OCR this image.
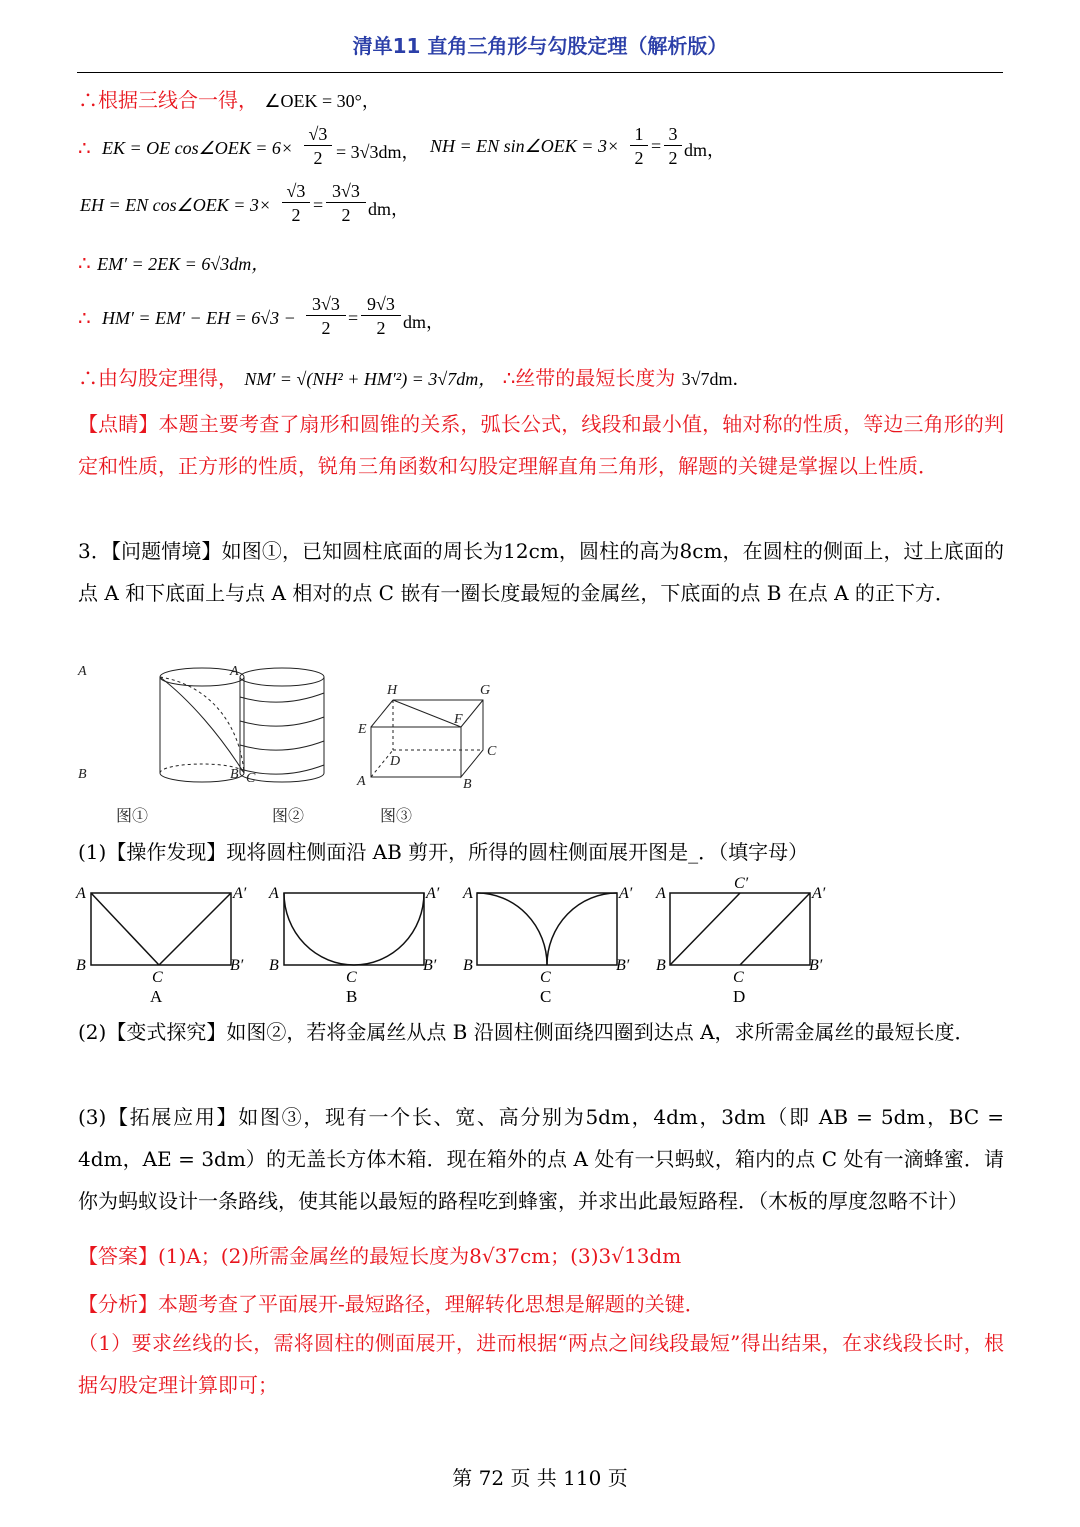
清单11 直角三角形与勾股定理（解析版）
∴根据三线合一得， ∠OEK = 30°，
∴ EK = OE cos∠OEK = 6×
√3
2 = 3√3dm， NH = EN sin∠OEK = 3×
1
2
=
3
2 dm，
EH = EN cos∠OEK = 3×
√3
2 =
3√3
2 dm，
∴ EM′ = 2EK = 6√3dm，
∴ HM′ = EM′ − EH = 6√3 −
3√3
2 =
9√3
2 dm，
∴由勾股定理得， NM′ = √(NH² + HM′²) = 3√7dm， ∴丝带的最短长度为 3√7dm．
【点睛】本题主要考查了扇形和圆锥的关系，弧长公式，线段和最小值，轴对称的性质，等边三角形的判定和性质，正方形的性质，锐角三角函数和勾股定理解直角三角形，解题的关键是掌握以上性质．
3．【问题情境】如图①，已知圆柱底面的周长为12cm，圆柱的高为8cm，在圆柱的侧面上，过上底面的点 A 和下底面上与点 A 相对的点 C 嵌有一圈长度最短的金属丝，下底面的点 B 在点 A 的正下方．
A
B	C
A
B
H	G
F
E
C
D
A	B
图①	图②	图③
(1)【操作发现】现将圆柱侧面沿 AB 剪开，所得的圆柱侧面展开图是_．（填字母）
A	A′
B	B′
C
A
A	A′
B	B′
C
B
A	A′
B	B′
C
C
A
C′
A′
B	B′
C
D
(2)【变式探究】如图②，若将金属丝从点 B 沿圆柱侧面绕四圈到达点 A，求所需金属丝的最短长度．
(3)【拓展应用】如图③，现有一个长、宽、高分别为5dm，4dm，3dm（即 AB = 5dm，BC = 4dm，AE = 3dm）的无盖长方体木箱．现在箱外的点 A 处有一只蚂蚁，箱内的点 C 处有一滴蜂蜜．请你为蚂蚁设计一条路线，使其能以最短的路程吃到蜂蜜，并求出此最短路程．（木板的厚度忽略不计）
【答案】(1)A；(2)所需金属丝的最短长度为8√37cm；(3)3√13dm
【分析】本题考查了平面展开-最短路径，理解转化思想是解题的关键．
（1）要求丝线的长，需将圆柱的侧面展开，进而根据“两点之间线段最短”得出结果，在求线段长时，根据勾股定理计算即可；
第 72 页 共 110 页
